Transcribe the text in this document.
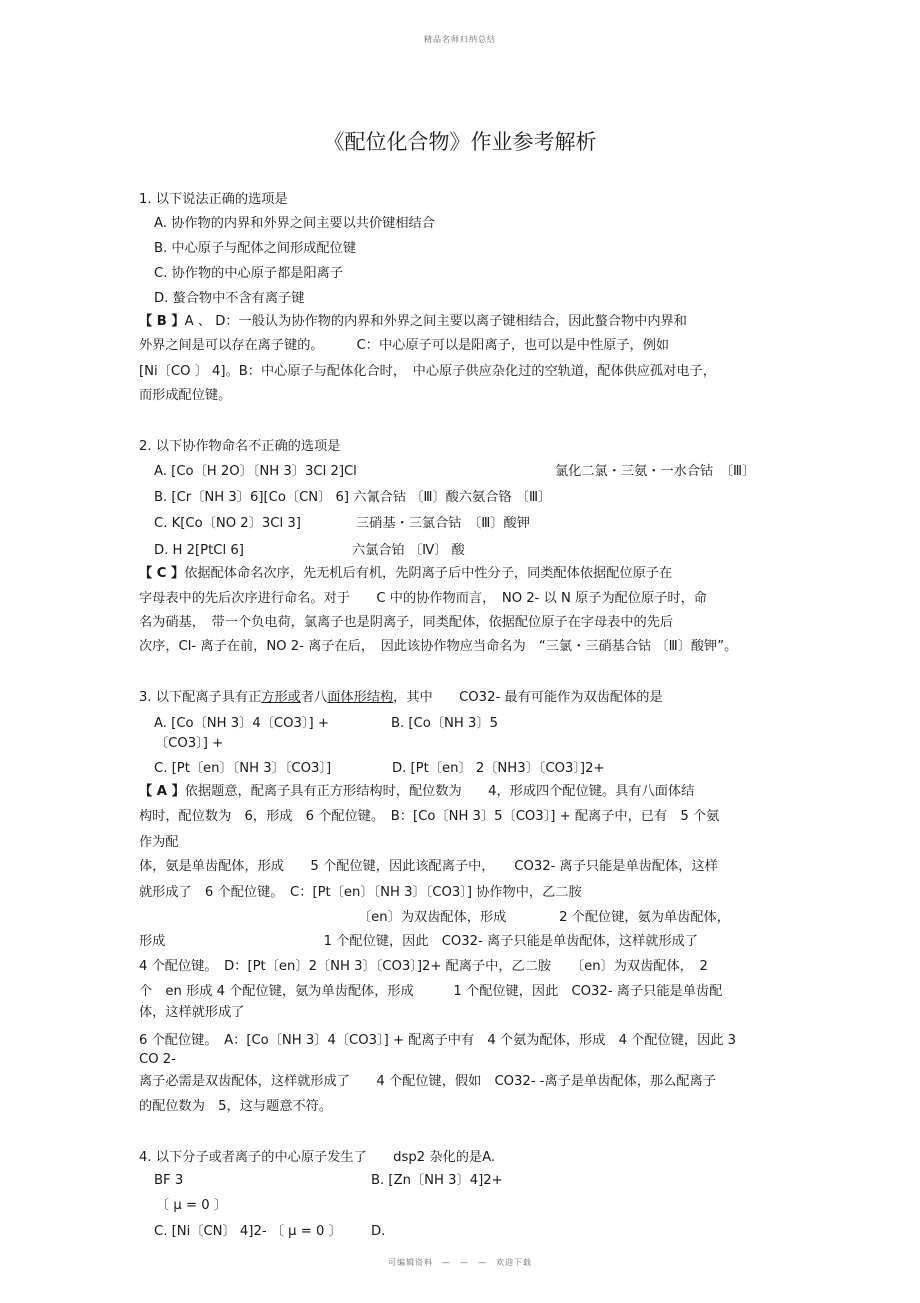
精品名师归纳总结
《配位化合物》作业参考解析
1. 以下说法正确的选项是
A. 协作物的内界和外界之间主要以共价键相结合
B. 中心原子与配体之间形成配位键
C. 协作物的中心原子都是阳离子
D. 螯合物中不含有离子键
【 B 】A 、 D：一般认为协作物的内界和外界之间主要以离子键相结合，因此螯合物中内界和
外界之间是可以存在离子键的。　　　C：中心原子可以是阳离子，也可以是中性原子，例如
[Ni〔CO 〕 4]。B：中心原子与配体化合时，　中心原子供应杂化过的空轨道，配体供应孤对电子，
而形成配位键。
2. 以下协作物命名不正确的选项是
A. [Co〔H 2O〕〔NH 3〕3Cl 2]Cl	氯化二氯・三氨・一水合钴　〔Ⅲ〕
B. [Cr〔NH 3〕6][Co〔CN〕 6] 六氰合钴 〔Ⅲ〕酸六氨合铬 〔Ⅲ〕
C. K[Co〔NO 2〕3Cl 3]	三硝基・三氯合钴　〔Ⅲ〕酸钾
D. H 2[PtCl 6]	六氯合铂 〔Ⅳ〕 酸
【 C 】依据配体命名次序，先无机后有机，先阴离子后中性分子，同类配体依据配位原子在
字母表中的先后次序进行命名。对于　　C 中的协作物而言，　NO 2- 以 N 原子为配位原子时，命
名为硝基，　带一个负电荷，氯离子也是阴离子，同类配体，依据配位原子在字母表中的先后
次序，Cl- 离子在前，NO 2- 离子在后，　因此该协作物应当命名为　“三氯・三硝基合钴 〔Ⅲ〕酸钾”。
3. 以下配离子具有正方形或者八面体形结构，其中　　CO32- 最有可能作为双齿配体的是
A. [Co〔NH 3〕4〔CO3〕] +	B. [Co〔NH 3〕5
〔CO3〕] +
C. [Pt〔en〕〔NH 3〕〔CO3〕]	D. [Pt〔en〕 2〔NH3〕〔CO3〕]2+
【 A 】依据题意，配离子具有正方形结构时，配位数为　　4，形成四个配位键。具有八面体结
构时，配位数为　6，形成　6 个配位键。　B：[Co〔NH 3〕5〔CO3〕] + 配离子中，已有　5 个氨
作为配
体，氨是单齿配体，形成　　5 个配位键，因此该配离子中，　　CO32- 离子只能是单齿配体，这样
就形成了　6 个配位键。　C：[Pt〔en〕〔NH 3〕〔CO3〕] 协作物中，乙二胺
〔en〕为双齿配体，形成　　　　2 个配位键，氨为单齿配体，
形成　　　　　　　　　　　　1 个配位键，因此　CO32- 离子只能是单齿配体，这样就形成了
4 个配位键。　D：[Pt〔en〕2〔NH 3〕〔CO3〕]2+ 配离子中，乙二胺　　〔en〕为双齿配体，　2
个　en 形成 4 个配位键，氨为单齿配体，形成　　　1 个配位键，因此　CO32- 离子只能是单齿配
体，这样就形成了
6 个配位键。　A：[Co〔NH 3〕4〔CO3〕] + 配离子中有　4 个氨为配体，形成　4 个配位键，因此 3
CO 2-
离子必需是双齿配体，这样就形成了　　4 个配位键，假如　CO32- -离子是单齿配体，那么配离子
的配位数为　5，这与题意不符。
4. 以下分子或者离子的中心原子发生了　　dsp2 杂化的是A.
BF 3	B. [Zn〔NH 3〕4]2+
〔 μ = 0 〕
C. [Ni〔CN〕 4]2- 〔 μ = 0 〕 D.
可编辑资料　—　—　—　欢迎下载
